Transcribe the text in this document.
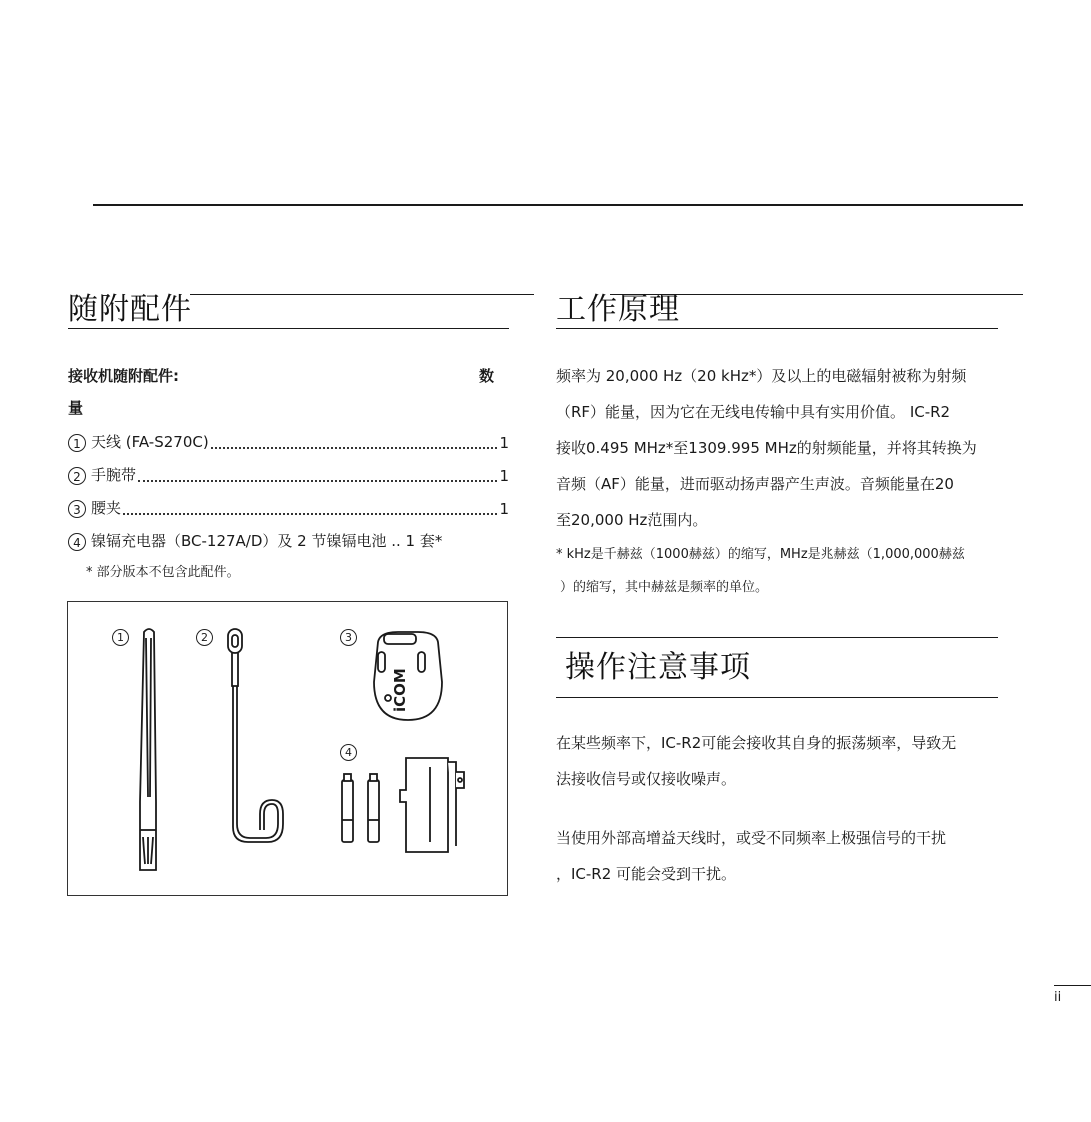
随附配件
接收机随附配件:	数
量
1 天线 (FA-S270C)	1
2 手腕带	1
3 腰夹	1
4 镍镉充电器（BC-127A/D）及 2 节镍镉电池 .. 1 套*
* 部分版本不包含此配件。
1	2	3
4
iCOM
工作原理
频率为 20,000 Hz（20 kHz*）及以上的电磁辐射被称为射频
（RF）能量，因为它在无线电传输中具有实用价值。 IC-R2
接收0.495 MHz*至1309.995 MHz的射频能量，并将其转换为
音频（AF）能量，进而驱动扬声器产生声波。音频能量在20
至20,000 Hz范围内。
* kHz是千赫兹（1000赫兹）的缩写，MHz是兆赫兹（1,000,000赫兹
）的缩写，其中赫兹是频率的单位。
操作注意事项
在某些频率下，IC-R2可能会接收其自身的振荡频率，导致无
法接收信号或仅接收噪声。
当使用外部高增益天线时，或受不同频率上极强信号的干扰
，IC-R2 可能会受到干扰。
ii
